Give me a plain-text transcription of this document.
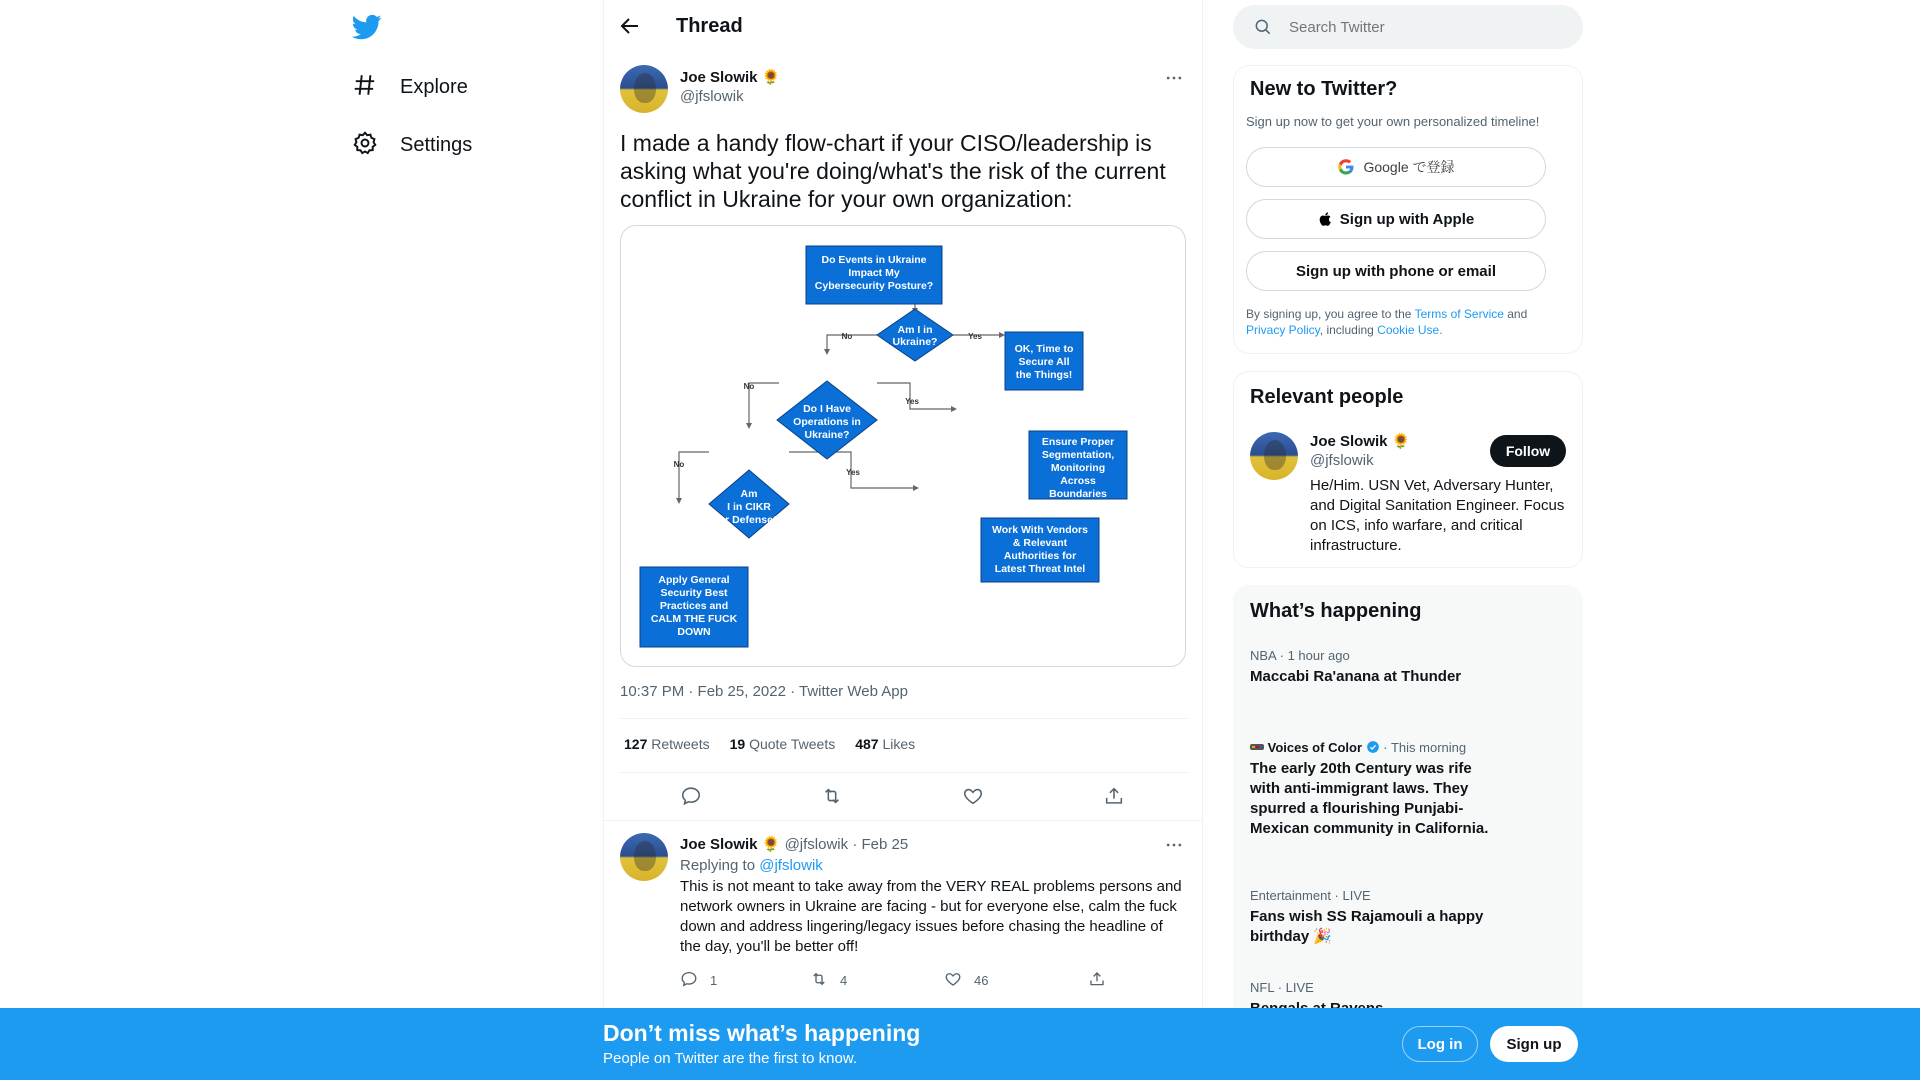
Explore
Settings
Thread
Joe Slowik 🌻
@jfslowik
I made a handy flow-chart if your CISO/leadership is asking what you're doing/what's the risk of the current conflict in Ukraine for your own organization:
Yes
No
Yes
No
Yes
No
Do Events in Ukraine Impact My Cybersecurity Posture?
Am I in Ukraine?
OK, Time to Secure All the Things!
Do I Have Operations in Ukraine?
Ensure Proper Segmentation, Monitoring Across Boundaries
Am I in CIKR or Defense?
Work With Vendors & Relevant Authorities for Latest Threat Intel
Apply General Security Best Practices and CALM THE FUCK DOWN
10:37 PM · Feb 25, 2022 · Twitter Web App
127 Retweets 19 Quote Tweets 487 Likes
Joe Slowik 🌻 @jfslowik · Feb 25
Replying to @jfslowik
This is not meant to take away from the VERY REAL problems persons and network owners in Ukraine are facing - but for everyone else, calm the fuck down and address lingering/legacy issues before chasing the headline of the day, you'll be better off!
1	4	46
Search Twitter
New to Twitter?
Sign up now to get your own personalized timeline!
Google で登録
Sign up with Apple
Sign up with phone or email
By signing up, you agree to the Terms of Service and
Privacy Policy, including Cookie Use.
Relevant people
Joe Slowik 🌻
@jfslowik
Follow
He/Him. USN Vet, Adversary Hunter, and Digital Sanitation Engineer. Focus on ICS, info warfare, and critical infrastructure.
What’s happening
NBA · 1 hour ago
Maccabi Ra'anana at Thunder
Voices of Color · This morning
The early 20th Century was rife with anti-immigrant laws. They spurred a flourishing Punjabi-Mexican community in California.
Entertainment · LIVE
Fans wish SS Rajamouli a happy birthday 🎉
NFL · LIVE
Don’t miss what’s happening
People on Twitter are the first to know.
Log in	Sign up
